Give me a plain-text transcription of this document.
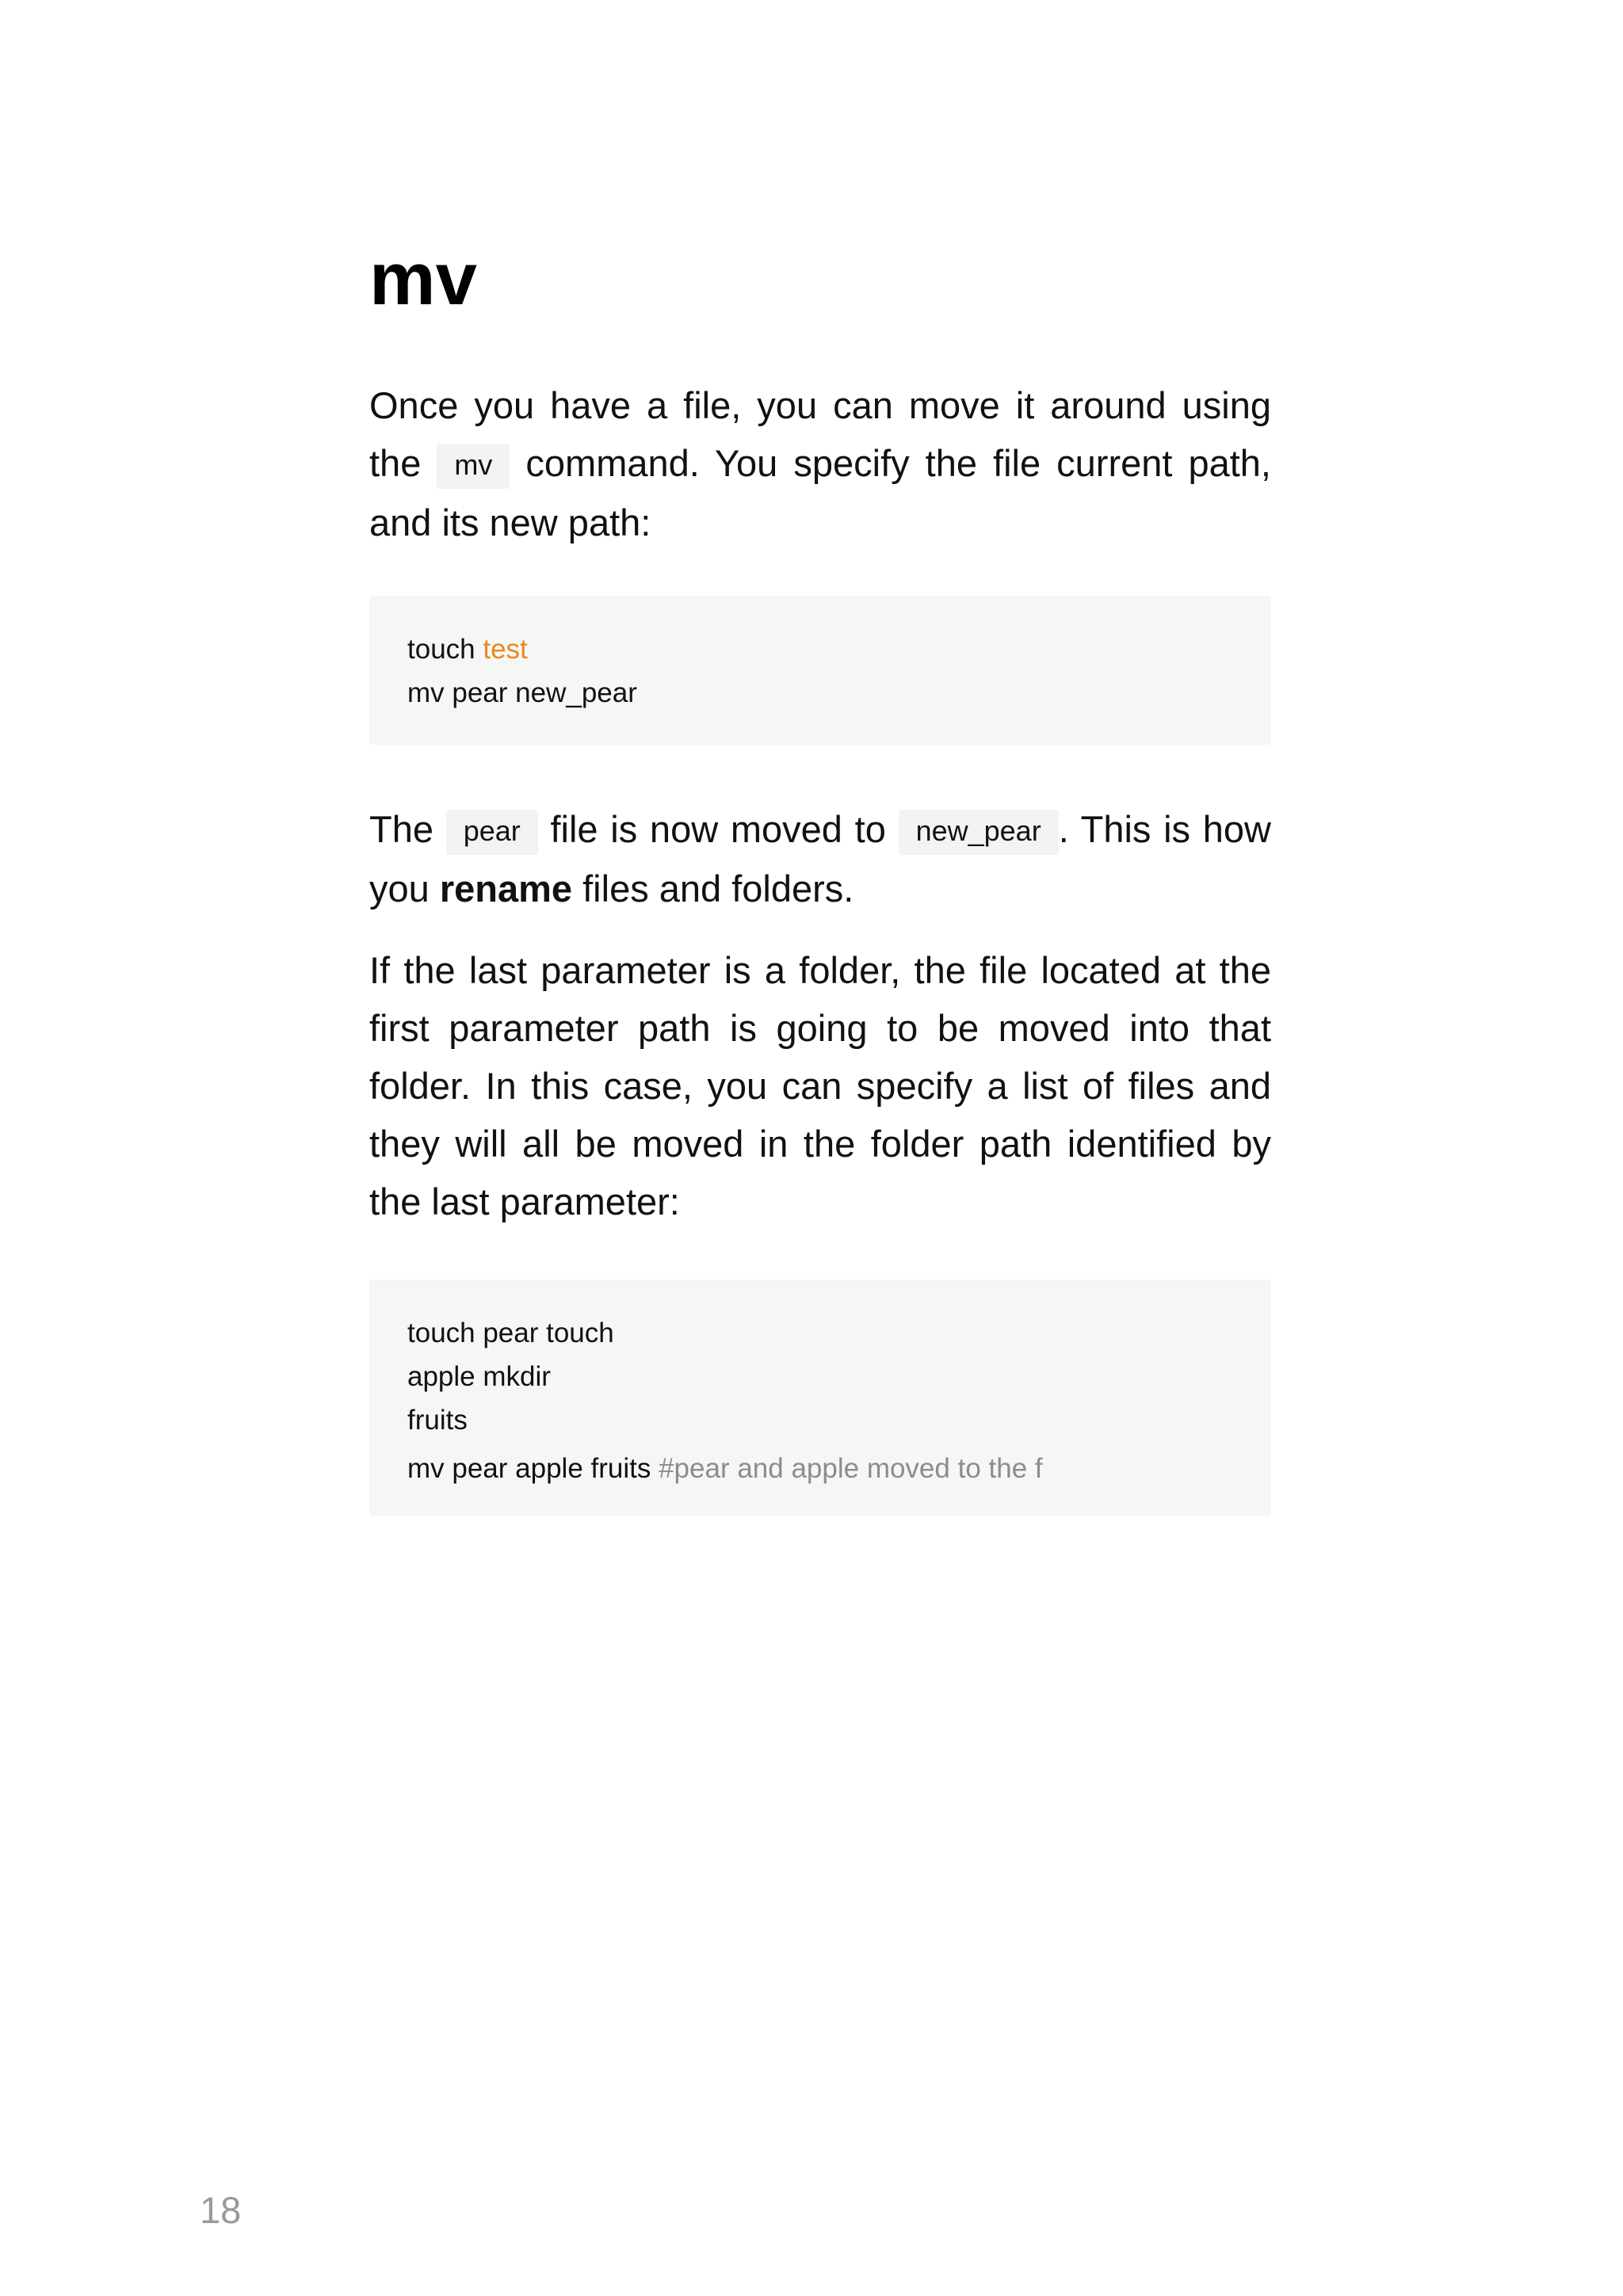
mv

Once you have a file, you can move it around using the mv command. You specify the file current path, and its new path:

touch test
mv pear new_pear

The pear file is now moved to new_pear . This is how you rename files and folders.

If the last parameter is a folder, the file located at the first parameter path is going to be moved into that folder. In this case, you can specify a list of files and they will all be moved in the folder path identified by the last parameter:

touch pear touch
apple mkdir
fruits
mv pear apple fruits #pear and apple moved to the f
18
